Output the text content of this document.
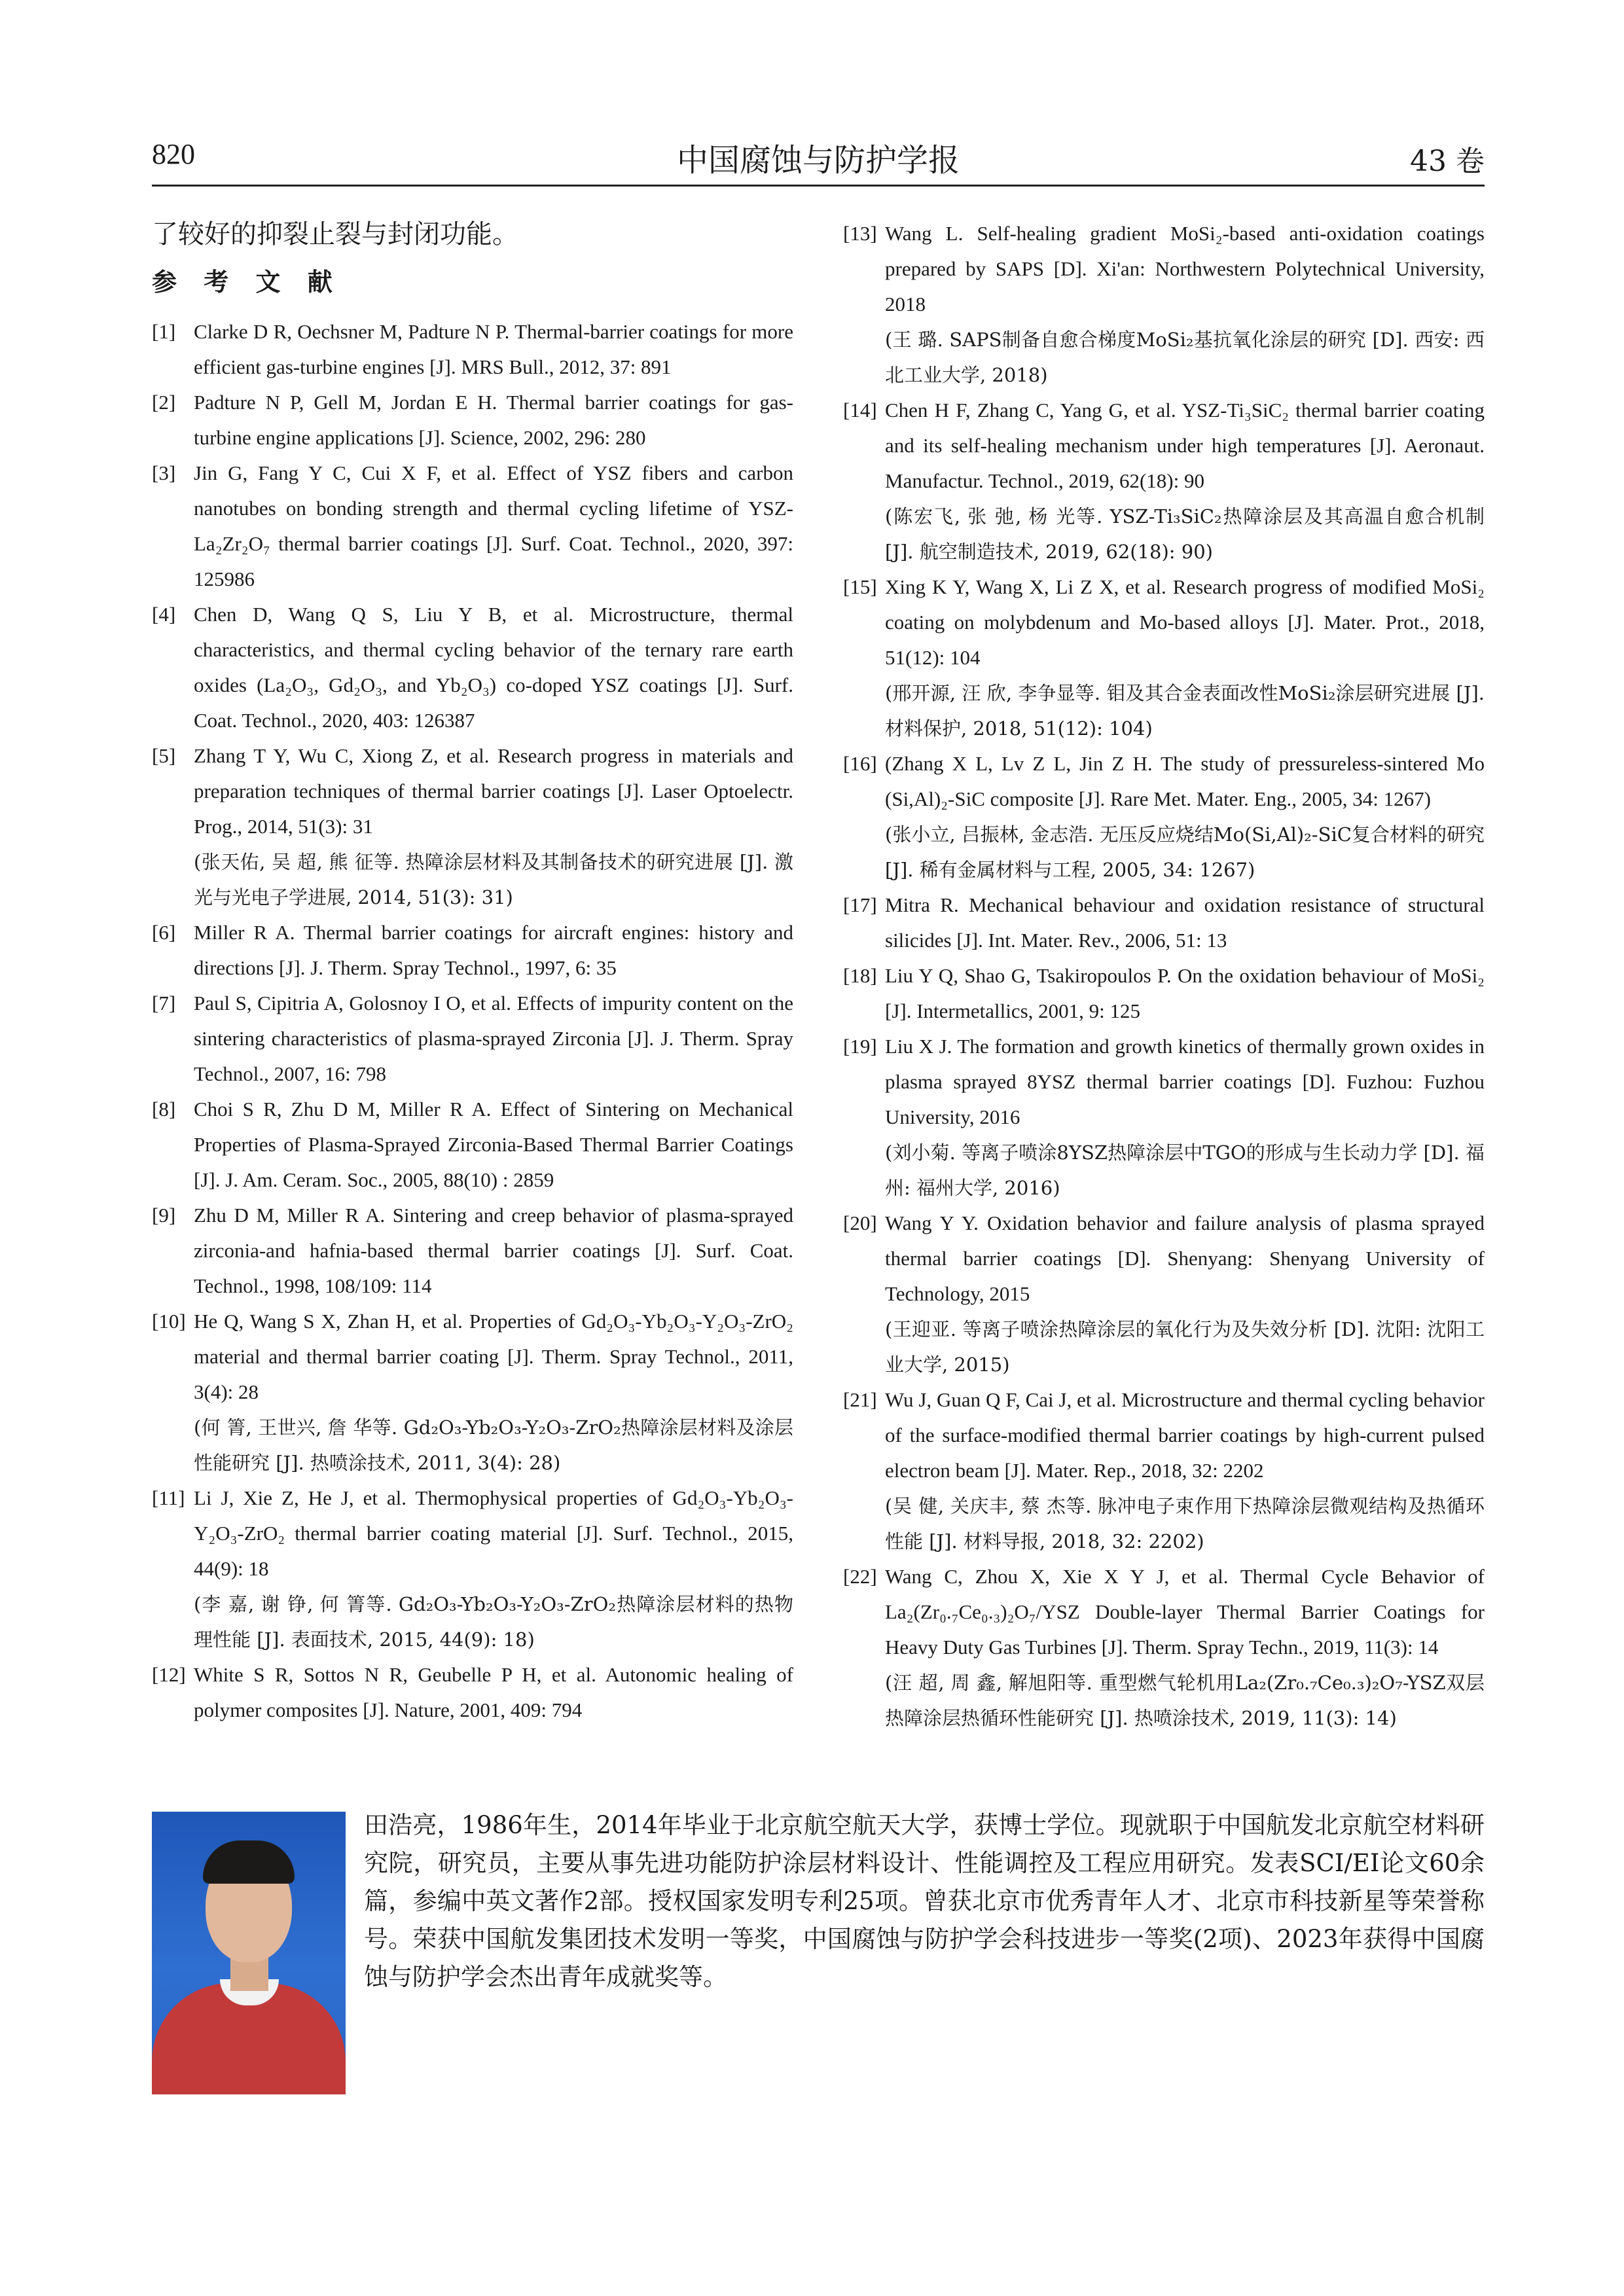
820	中国腐蚀与防护学报	43 卷

了较好的抑裂止裂与封闭功能。

参 考 文 献

[1] Clarke D R, Oechsner M, Padture N P. Thermal-barrier coatings for more efficient gas-turbine engines [J]. MRS Bull., 2012, 37: 891

[2] Padture N P, Gell M, Jordan E H. Thermal barrier coatings for gas-turbine engine applications [J]. Science, 2002, 296: 280

[3] Jin G, Fang Y C, Cui X F, et al. Effect of YSZ fibers and carbon nanotubes on bonding strength and thermal cycling lifetime of YSZ-La₂Zr₂O₇ thermal barrier coatings [J]. Surf. Coat. Technol., 2020, 397: 125986

[4] Chen D, Wang Q S, Liu Y B, et al. Microstructure, thermal characteristics, and thermal cycling behavior of the ternary rare earth oxides (La₂O₃, Gd₂O₃, and Yb₂O₃) co-doped YSZ coatings [J]. Surf. Coat. Technol., 2020, 403: 126387

[5] Zhang T Y, Wu C, Xiong Z, et al. Research progress in materials and preparation techniques of thermal barrier coatings [J]. Laser Optoelectr. Prog., 2014, 51(3): 31
(张天佑, 吴 超, 熊 征等. 热障涂层材料及其制备技术的研究进展 [J]. 激光与光电子学进展, 2014, 51(3): 31)

[6] Miller R A. Thermal barrier coatings for aircraft engines: history and directions [J]. J. Therm. Spray Technol., 1997, 6: 35

[7] Paul S, Cipitria A, Golosnoy I O, et al. Effects of impurity content on the sintering characteristics of plasma-sprayed Zirconia [J]. J. Therm. Spray Technol., 2007, 16: 798

[8] Choi S R, Zhu D M, Miller R A. Effect of Sintering on Mechanical Properties of Plasma-Sprayed Zirconia-Based Thermal Barrier Coatings [J]. J. Am. Ceram. Soc., 2005, 88(10) : 2859

[9] Zhu D M, Miller R A. Sintering and creep behavior of plasma-sprayed zirconia-and hafnia-based thermal barrier coatings [J]. Surf. Coat. Technol., 1998, 108/109: 114

[10] He Q, Wang S X, Zhan H, et al. Properties of Gd₂O₃-Yb₂O₃-Y₂O₃-ZrO₂ material and thermal barrier coating [J]. Therm. Spray Technol., 2011, 3(4): 28
(何 箐, 王世兴, 詹 华等. Gd₂O₃-Yb₂O₃-Y₂O₃-ZrO₂热障涂层材料及涂层性能研究 [J]. 热喷涂技术, 2011, 3(4): 28)

[11] Li J, Xie Z, He J, et al. Thermophysical properties of Gd₂O₃-Yb₂O₃-Y₂O₃-ZrO₂ thermal barrier coating material [J]. Surf. Technol., 2015, 44(9): 18
(李 嘉, 谢 铮, 何 箐等. Gd₂O₃-Yb₂O₃-Y₂O₃-ZrO₂热障涂层材料的热物理性能 [J]. 表面技术, 2015, 44(9): 18)

[12] White S R, Sottos N R, Geubelle P H, et al. Autonomic healing of polymer composites [J]. Nature, 2001, 409: 794

[13] Wang L. Self-healing gradient MoSi₂-based anti-oxidation coatings prepared by SAPS [D]. Xi'an: Northwestern Polytechnical University, 2018
(王 璐. SAPS制备自愈合梯度MoSi₂基抗氧化涂层的研究 [D]. 西安: 西北工业大学, 2018)

[14] Chen H F, Zhang C, Yang G, et al. YSZ-Ti₃SiC₂ thermal barrier coating and its self-healing mechanism under high temperatures [J]. Aeronaut. Manufactur. Technol., 2019, 62(18): 90
(陈宏飞, 张 弛, 杨 光等. YSZ-Ti₃SiC₂热障涂层及其高温自愈合机制 [J]. 航空制造技术, 2019, 62(18): 90)

[15] Xing K Y, Wang X, Li Z X, et al. Research progress of modified MoSi₂ coating on molybdenum and Mo-based alloys [J]. Mater. Prot., 2018, 51(12): 104
(邢开源, 汪 欣, 李争显等. 钼及其合金表面改性MoSi₂涂层研究进展 [J]. 材料保护, 2018, 51(12): 104)

[16] (Zhang X L, Lv Z L, Jin Z H. The study of pressureless-sintered Mo (Si,Al)₂-SiC composite [J]. Rare Met. Mater. Eng., 2005, 34: 1267)
(张小立, 吕振林, 金志浩. 无压反应烧结Mo(Si,Al)₂-SiC复合材料的研究 [J]. 稀有金属材料与工程, 2005, 34: 1267)

[17] Mitra R. Mechanical behaviour and oxidation resistance of structural silicides [J]. Int. Mater. Rev., 2006, 51: 13

[18] Liu Y Q, Shao G, Tsakiropoulos P. On the oxidation behaviour of MoSi₂ [J]. Intermetallics, 2001, 9: 125

[19] Liu X J. The formation and growth kinetics of thermally grown oxides in plasma sprayed 8YSZ thermal barrier coatings [D]. Fuzhou: Fuzhou University, 2016
(刘小菊. 等离子喷涂8YSZ热障涂层中TGO的形成与生长动力学 [D]. 福州: 福州大学, 2016)

[20] Wang Y Y. Oxidation behavior and failure analysis of plasma sprayed thermal barrier coatings [D]. Shenyang: Shenyang University of Technology, 2015
(王迎亚. 等离子喷涂热障涂层的氧化行为及失效分析 [D]. 沈阳: 沈阳工业大学, 2015)

[21] Wu J, Guan Q F, Cai J, et al. Microstructure and thermal cycling behavior of the surface-modified thermal barrier coatings by high-current pulsed electron beam [J]. Mater. Rep., 2018, 32: 2202
(吴 健, 关庆丰, 蔡 杰等. 脉冲电子束作用下热障涂层微观结构及热循环性能 [J]. 材料导报, 2018, 32: 2202)

[22] Wang C, Zhou X, Xie X Y J, et al. Thermal Cycle Behavior of La₂(Zr₀.₇Ce₀.₃)₂O₇/YSZ Double-layer Thermal Barrier Coatings for Heavy Duty Gas Turbines [J]. Therm. Spray Techn., 2019, 11(3): 14
(汪 超, 周 鑫, 解旭阳等. 重型燃气轮机用La₂(Zr₀.₇Ce₀.₃)₂O₇-YSZ双层热障涂层热循环性能研究 [J]. 热喷涂技术, 2019, 11(3): 14)

田浩亮，1986年生，2014年毕业于北京航空航天大学，获博士学位。现就职于中国航发北京航空材料研究院，研究员，主要从事先进功能防护涂层材料设计、性能调控及工程应用研究。发表SCI/EI论文60余篇，参编中英文著作2部。授权国家发明专利25项。曾获北京市优秀青年人才、北京市科技新星等荣誉称号。荣获中国航发集团技术发明一等奖，中国腐蚀与防护学会科技进步一等奖(2项)、2023年获得中国腐蚀与防护学会杰出青年成就奖等。
